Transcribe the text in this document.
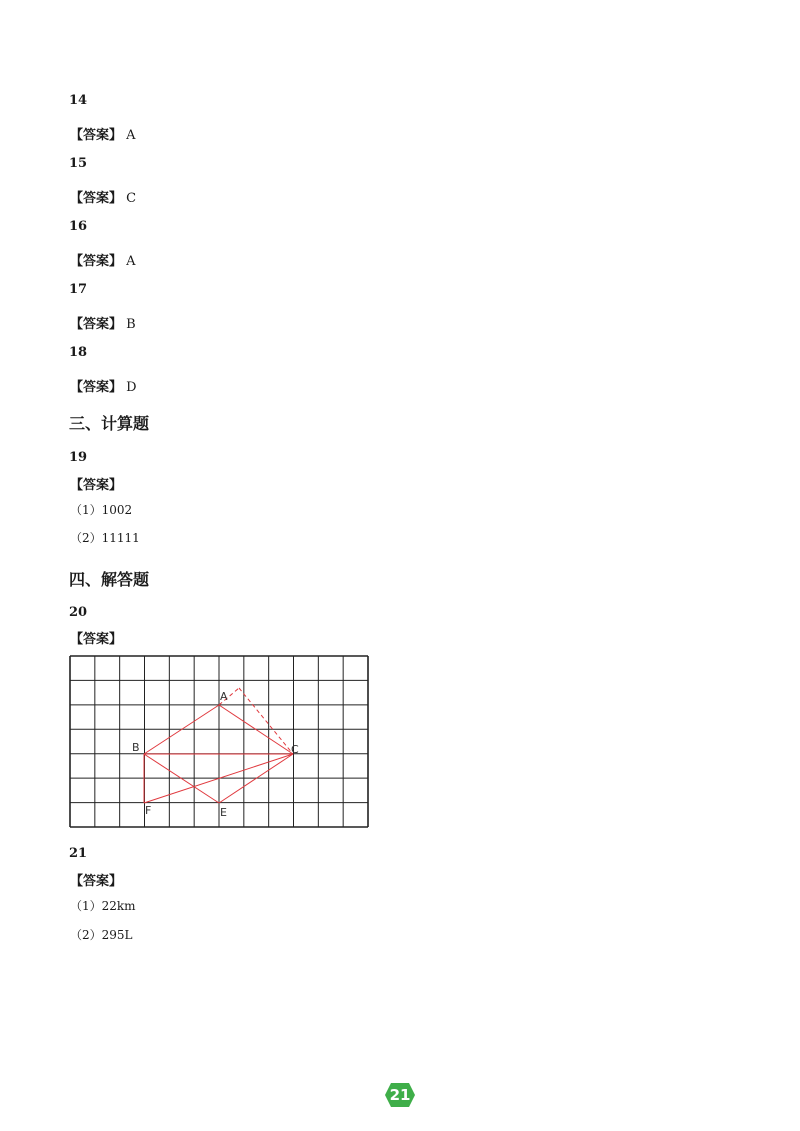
14
【答案】 A
15
【答案】 C
16
【答案】 A
17
【答案】 B
18
【答案】 D
三、计算题
19
【答案】
（1）1002
（2）11111
四、解答题
20
【答案】
A
B	C
E
F
21
【答案】
（1）22km
（2）295L
21
